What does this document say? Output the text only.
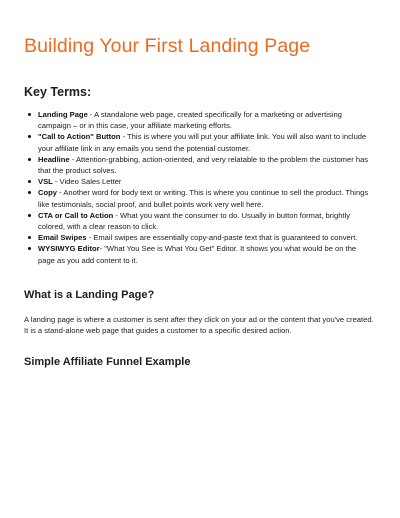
Building Your First Landing Page
Key Terms:
Landing Page - A standalone web page, created specifically for a marketing or advertising campaign – or in this case, your affiliate marketing efforts.
"Call to Action" Button - This is where you will put your affiliate link. You will also want to include your affiliate link in any emails you send the potential customer.
Headline - Attention-grabbing, action-oriented, and very relatable to the problem the customer has that the product solves.
VSL - Video Sales Letter
Copy - Another word for body text or writing. This is where you continue to sell the product. Things like testimonials, social proof, and bullet points work very well here.
CTA or Call to Action - What you want the consumer to do. Usually in button format, brightly colored, with a clear reason to click.
Email Swipes - Email swipes are essentially copy-and-paste text that is guaranteed to convert.
WYSIWYG Editor- "What You See is What You Get" Editor. It shows you what would be on the page as you add content to it.
What is a Landing Page?

A landing page is where a customer is sent after they click on your ad or the content that you've created. It is a stand-alone web page that guides a customer to a specific desired action.

Simple Affiliate Funnel Example
